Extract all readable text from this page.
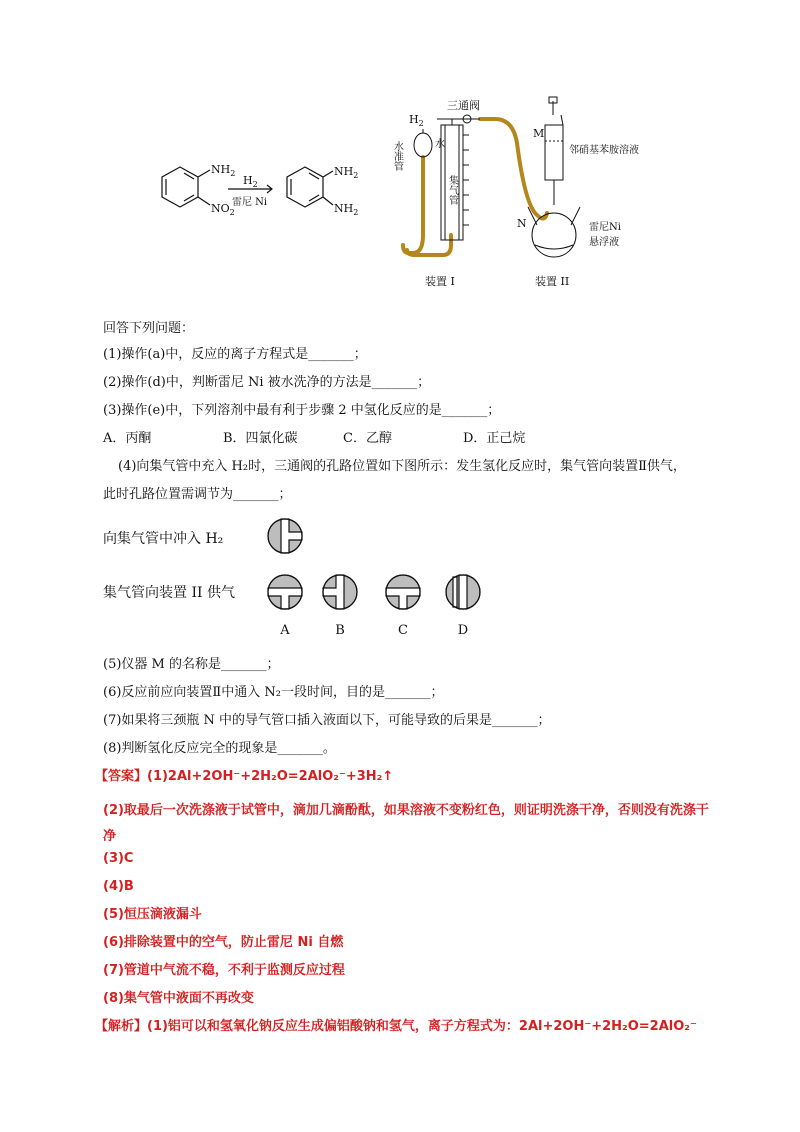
$NH_2$
$NO_2$
$H_2$
雷尼 Ni
$NH_2$
$NH_2$
$H_2$
三通阀
水准管	水
集气管
M
邻硝基苯胺溶液
N	雷尼Ni
悬浮液
装置 I	装置 II
回答下列问题：
(1)操作(a)中，反应的离子方程式是_______；
(2)操作(d)中，判断雷尼 Ni 被水洗净的方法是_______；
(3)操作(e)中，下列溶剂中最有利于步骤 2 中氢化反应的是_______；
A．丙酮	B．四氯化碳	C．乙醇	D．正己烷
(4)向集气管中充入 H₂时，三通阀的孔路位置如下图所示：发生氢化反应时，集气管向装置Ⅱ供气，
此时孔路位置需调节为_______；
向集气管中冲入 H₂
集气管向装置 II 供气
A	B	C	D
(5)仪器 M 的名称是_______；
(6)反应前应向装置Ⅱ中通入 N₂一段时间，目的是_______；
(7)如果将三颈瓶 N 中的导气管口插入液面以下，可能导致的后果是_______；
(8)判断氢化反应完全的现象是_______。
【答案】(1)2Al+2OH⁻+2H₂O=2AlO₂⁻+3H₂↑
(2)取最后一次洗涤液于试管中，滴加几滴酚酞，如果溶液不变粉红色，则证明洗涤干净，否则没有洗涤干净
(3)C
(4)B
(5)恒压滴液漏斗
(6)排除装置中的空气，防止雷尼 Ni 自燃
(7)管道中气流不稳，不利于监测反应过程
(8)集气管中液面不再改变
【解析】(1)铝可以和氢氧化钠反应生成偏铝酸钠和氢气，离子方程式为：2Al+2OH⁻+2H₂O=2AlO₂⁻
